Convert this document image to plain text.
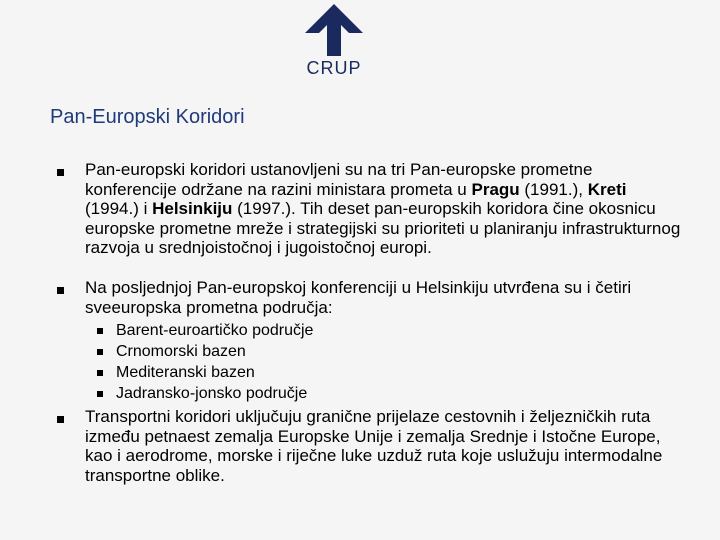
CRUP
Pan-Europski Koridori
Pan-europski koridori ustanovljeni su na tri Pan-europske prometne konferencije održane na razini ministara prometa u Pragu (1991.), Kreti (1994.) i Helsinkiju (1997.). Tih deset pan-europskih koridora čine okosnicu europske prometne mreže i strategijski su prioriteti u planiranju infrastrukturnog razvoja u srednjoistočnoj i jugoistočnoj europi.
Na posljednjoj Pan-europskoj konferenciji u Helsinkiju utvrđena su i četiri sveeuropska prometna područja:
Barent-euroartičko područje
Crnomorski bazen
Mediteranski bazen
Jadransko-jonsko područje
Transportni koridori uključuju granične prijelaze cestovnih i željezničkih ruta između petnaest zemalja Europske Unije i zemalja Srednje i Istočne Europe, kao i aerodrome, morske i riječne luke uzduž ruta koje uslužuju intermodalne transportne oblike.
